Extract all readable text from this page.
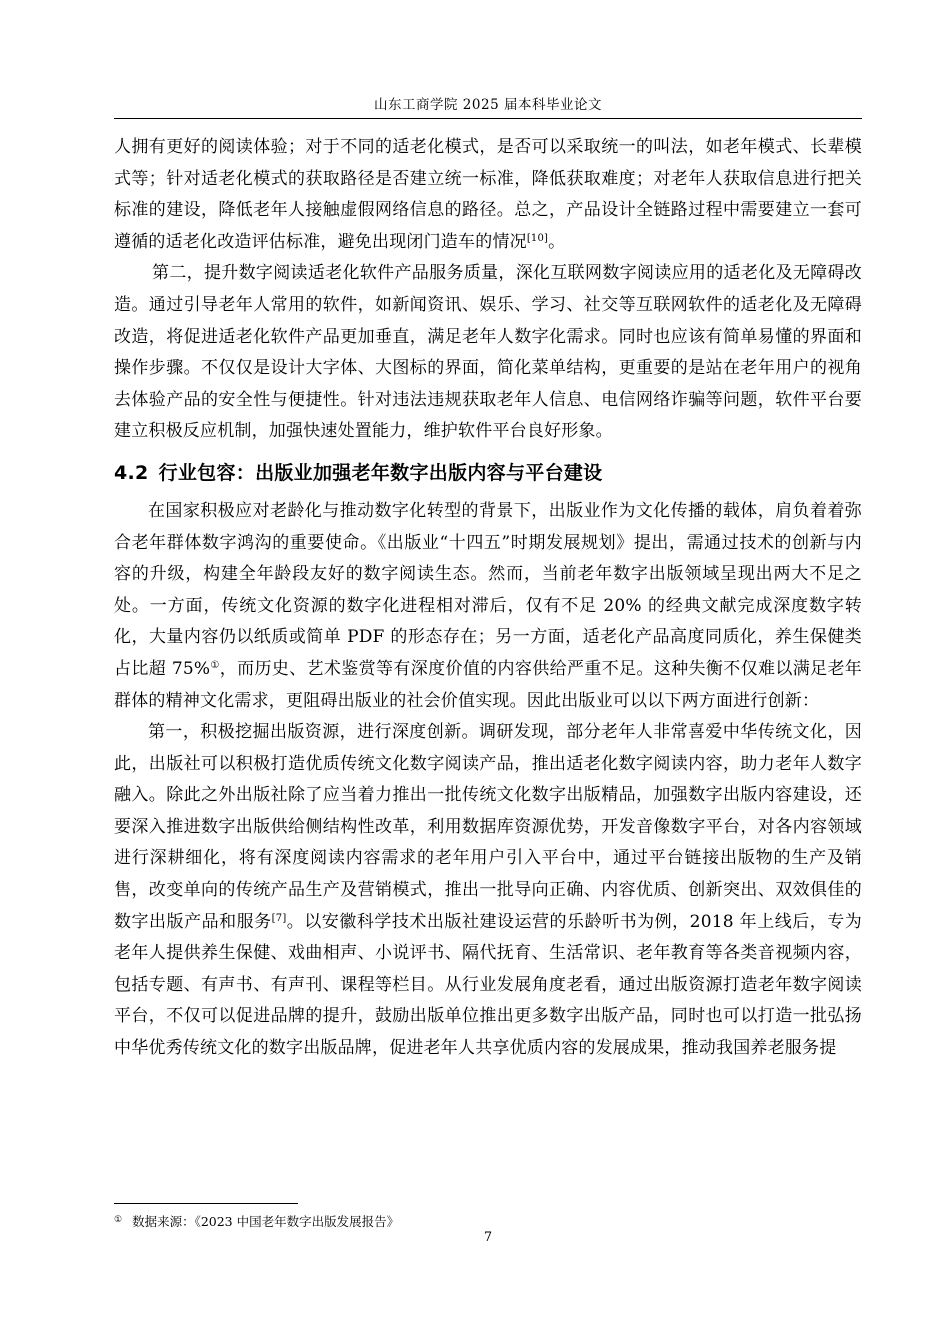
山东工商学院 2025 届本科毕业论文

人拥有更好的阅读体验；对于不同的适老化模式，是否可以采取统一的叫法，如老年模式、长辈模式等；针对适老化模式的获取路径是否建立统一标准，降低获取难度；对老年人获取信息进行把关标准的建设，降低老年人接触虚假网络信息的路径。总之，产品设计全链路过程中需要建立一套可遵循的适老化改造评估标准，避免出现闭门造车的情况[10]。

第二，提升数字阅读适老化软件产品服务质量，深化互联网数字阅读应用的适老化及无障碍改造。通过引导老年人常用的软件，如新闻资讯、娱乐、学习、社交等互联网软件的适老化及无障碍改造，将促进适老化软件产品更加垂直，满足老年人数字化需求。同时也应该有简单易懂的界面和操作步骤。不仅仅是设计大字体、大图标的界面，简化菜单结构，更重要的是站在老年用户的视角去体验产品的安全性与便捷性。针对违法违规获取老年人信息、电信网络诈骗等问题，软件平台要建立积极反应机制，加强快速处置能力，维护软件平台良好形象。

4.2 行业包容：出版业加强老年数字出版内容与平台建设

在国家积极应对老龄化与推动数字化转型的背景下，出版业作为文化传播的载体，肩负着着弥合老年群体数字鸿沟的重要使命。《出版业“十四五”时期发展规划》提出，需通过技术的创新与内容的升级，构建全年龄段友好的数字阅读生态。然而，当前老年数字出版领域呈现出两大不足之处。一方面，传统文化资源的数字化进程相对滞后，仅有不足 20% 的经典文献完成深度数字转化，大量内容仍以纸质或简单 PDF 的形态存在；另一方面，适老化产品高度同质化，养生保健类占比超 75%①，而历史、艺术鉴赏等有深度价值的内容供给严重不足。这种失衡不仅难以满足老年群体的精神文化需求，更阻碍出版业的社会价值实现。因此出版业可以以下两方面进行创新：

第一，积极挖掘出版资源，进行深度创新。调研发现，部分老年人非常喜爱中华传统文化，因此，出版社可以积极打造优质传统文化数字阅读产品，推出适老化数字阅读内容，助力老年人数字融入。除此之外出版社除了应当着力推出一批传统文化数字出版精品，加强数字出版内容建设，还要深入推进数字出版供给侧结构性改革，利用数据库资源优势，开发音像数字平台，对各内容领域进行深耕细化，将有深度阅读内容需求的老年用户引入平台中，通过平台链接出版物的生产及销售，改变单向的传统产品生产及营销模式，推出一批导向正确、内容优质、创新突出、双效俱佳的数字出版产品和服务[7]。以安徽科学技术出版社建设运营的乐龄听书为例，2018 年上线后，专为老年人提供养生保健、戏曲相声、小说评书、隔代抚育、生活常识、老年教育等各类音视频内容，包括专题、有声书、有声刊、课程等栏目。从行业发展角度老看，通过出版资源打造老年数字阅读平台，不仅可以促进品牌的提升，鼓励出版单位推出更多数字出版产品，同时也可以打造一批弘扬中华优秀传统文化的数字出版品牌，促进老年人共享优质内容的发展成果，推动我国养老服务提

① 数据来源：《2023 中国老年数字出版发展报告》
7
